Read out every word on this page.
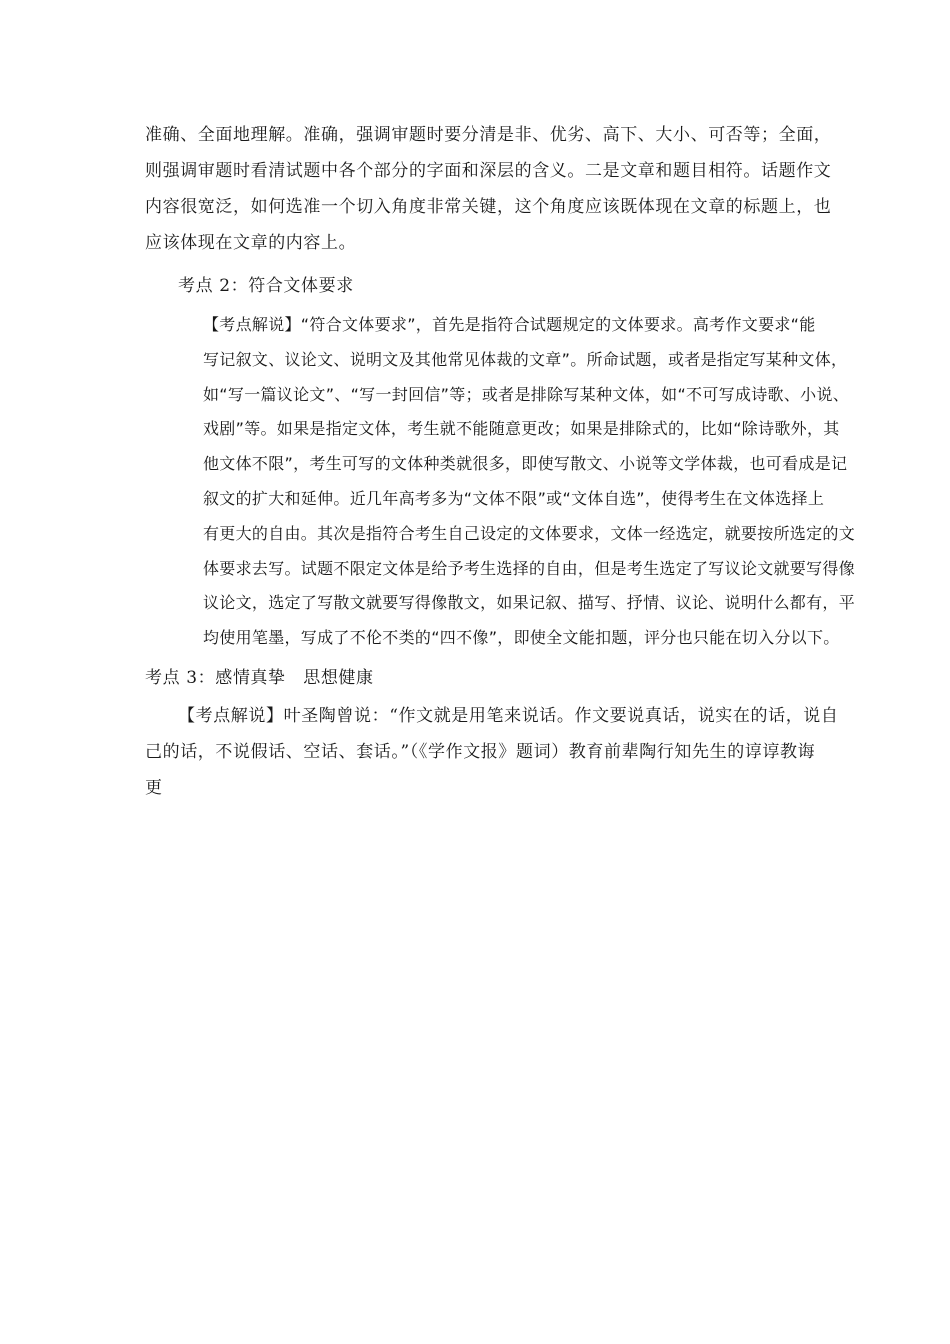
准确、全面地理解。准确，强调审题时要分清是非、优劣、高下、大小、可否等；全面，
则强调审题时看清试题中各个部分的字面和深层的含义。二是文章和题目相符。话题作文
内容很宽泛，如何选准一个切入角度非常关键，这个角度应该既体现在文章的标题上，也
应该体现在文章的内容上。
考点 2：符合文体要求
【考点解说】“符合文体要求”，首先是指符合试题规定的文体要求。高考作文要求“能
写记叙文、议论文、说明文及其他常见体裁的文章”。所命试题，或者是指定写某种文体，
如“写一篇议论文”、“写一封回信”等；或者是排除写某种文体，如“不可写成诗歌、小说、
戏剧”等。如果是指定文体，考生就不能随意更改；如果是排除式的，比如“除诗歌外，其
他文体不限”，考生可写的文体种类就很多，即使写散文、小说等文学体裁，也可看成是记
叙文的扩大和延伸。近几年高考多为“文体不限”或“文体自选”，使得考生在文体选择上
有更大的自由。其次是指符合考生自己设定的文体要求，文体一经选定，就要按所选定的文
体要求去写。试题不限定文体是给予考生选择的自由，但是考生选定了写议论文就要写得像
议论文，选定了写散文就要写得像散文，如果记叙、描写、抒情、议论、说明什么都有，平
均使用笔墨，写成了不伦不类的“四不像”，即使全文能扣题，评分也只能在切入分以下。
考点 3：感情真挚　思想健康
【考点解说】叶圣陶曾说：“作文就是用笔来说话。作文要说真话，说实在的话，说自
己的话，不说假话、空话、套话。”（《学作文报》题词）教育前辈陶行知先生的谆谆教诲
更
